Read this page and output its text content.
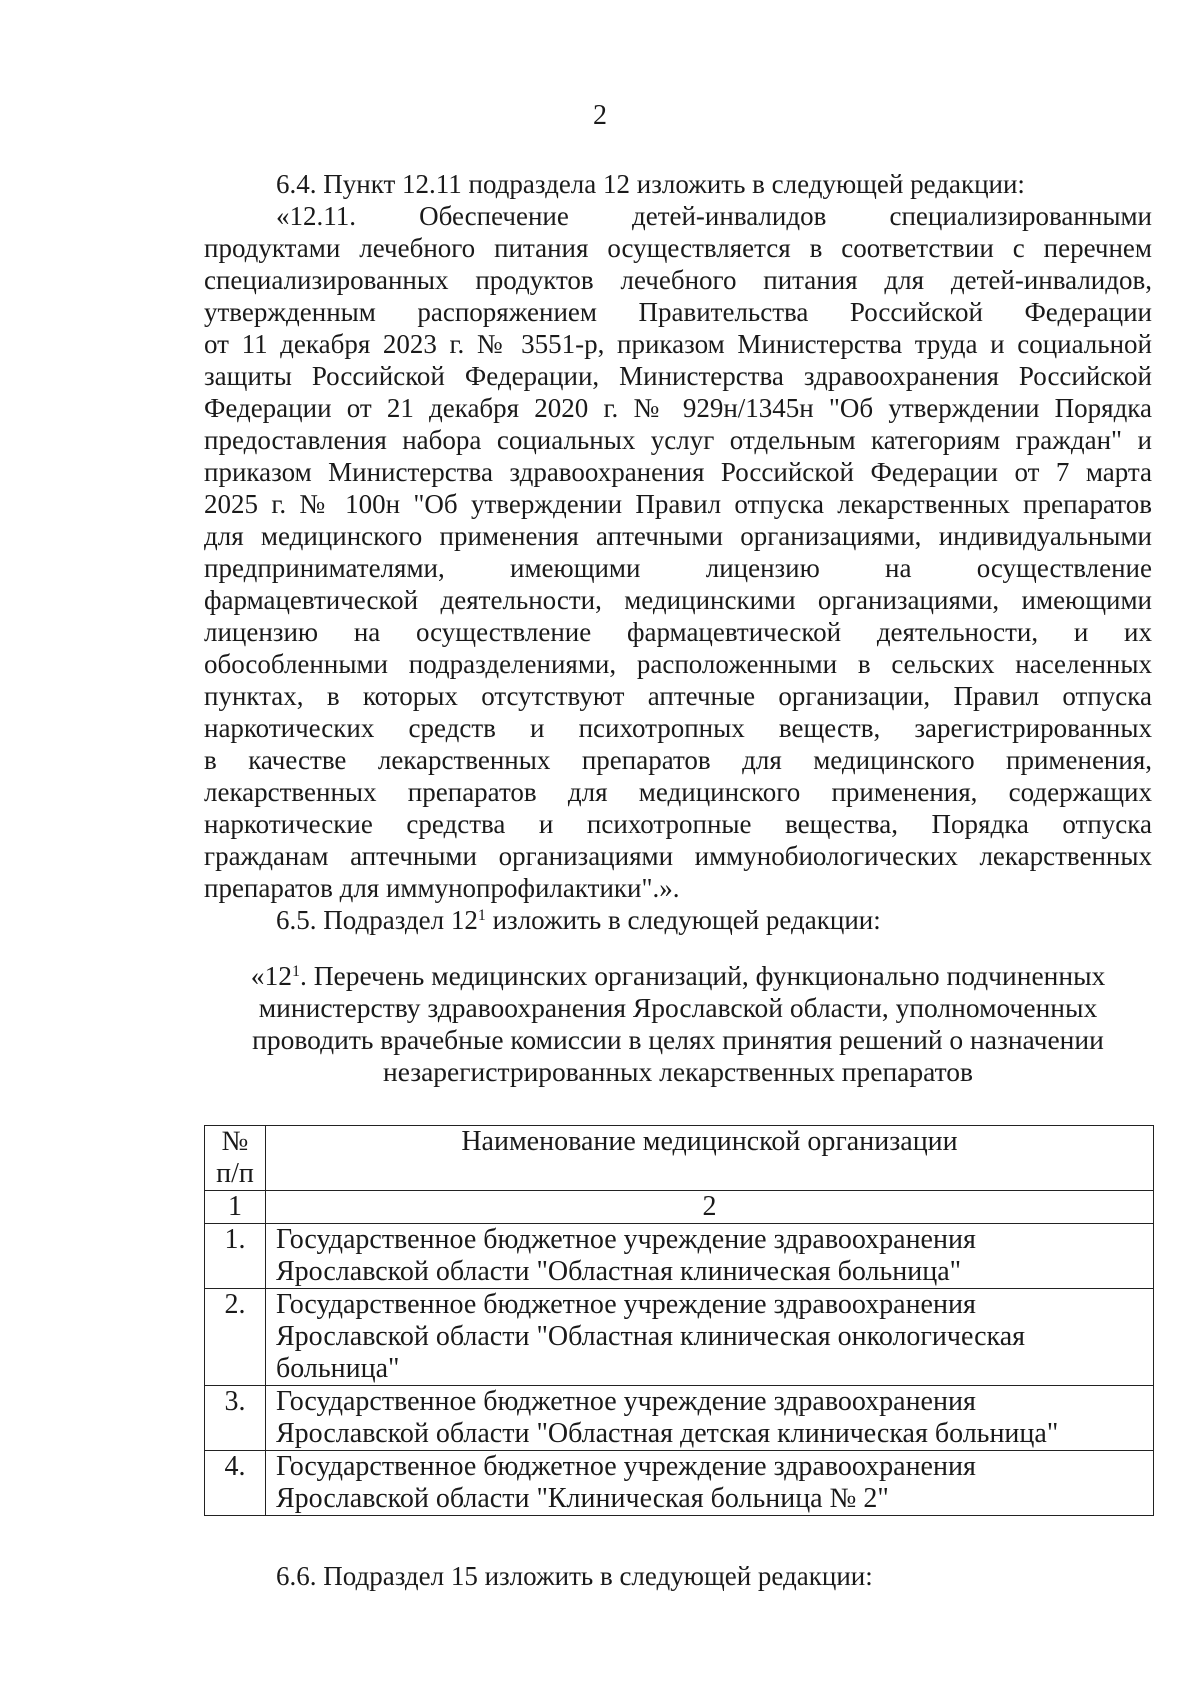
2
6.4. Пункт 12.11 подраздела 12 изложить в следующей редакции:
«12.11. Обеспечение детей-инвалидов специализированными
продуктами лечебного питания осуществляется в соответствии с перечнем
специализированных продуктов лечебного питания для детей-инвалидов,
утвержденным распоряжением Правительства Российской Федерации
от 11 декабря 2023 г. № 3551-р, приказом Министерства труда и социальной
защиты Российской Федерации, Министерства здравоохранения Российской
Федерации от 21 декабря 2020 г. № 929н/1345н "Об утверждении Порядка
предоставления набора социальных услуг отдельным категориям граждан" и
приказом Министерства здравоохранения Российской Федерации от 7 марта
2025 г. № 100н "Об утверждении Правил отпуска лекарственных препаратов
для медицинского применения аптечными организациями, индивидуальными
предпринимателями, имеющими лицензию на осуществление
фармацевтической деятельности, медицинскими организациями, имеющими
лицензию на осуществление фармацевтической деятельности, и их
обособленными подразделениями, расположенными в сельских населенных
пунктах, в которых отсутствуют аптечные организации, Правил отпуска
наркотических средств и психотропных веществ, зарегистрированных
в качестве лекарственных препаратов для медицинского применения,
лекарственных препаратов для медицинского применения, содержащих
наркотические средства и психотропные вещества, Порядка отпуска
гражданам аптечными организациями иммунобиологических лекарственных
препаратов для иммунопрофилактики".».
6.5. Подраздел $12^1$ изложить в следующей редакции:
«$12^1$. Перечень медицинских организаций, функционально подчиненных
министерству здравоохранения Ярославской области, уполномоченных
проводить врачебные комиссии в целях принятия решений о назначении
незарегистрированных лекарственных препаратов
№
п/п	Наименование медицинской организации
1	2
1.	Государственное бюджетное учреждение здравоохранения
Ярославской области "Областная клиническая больница"

2.	Государственное бюджетное учреждение здравоохранения
Ярославской области "Областная клиническая онкологическая
больница"

3.	Государственное бюджетное учреждение здравоохранения
Ярославской области "Областная детская клиническая больница"

4.	Государственное бюджетное учреждение здравоохранения
Ярославской области "Клиническая больница № 2"
6.6. Подраздел 15 изложить в следующей редакции:
